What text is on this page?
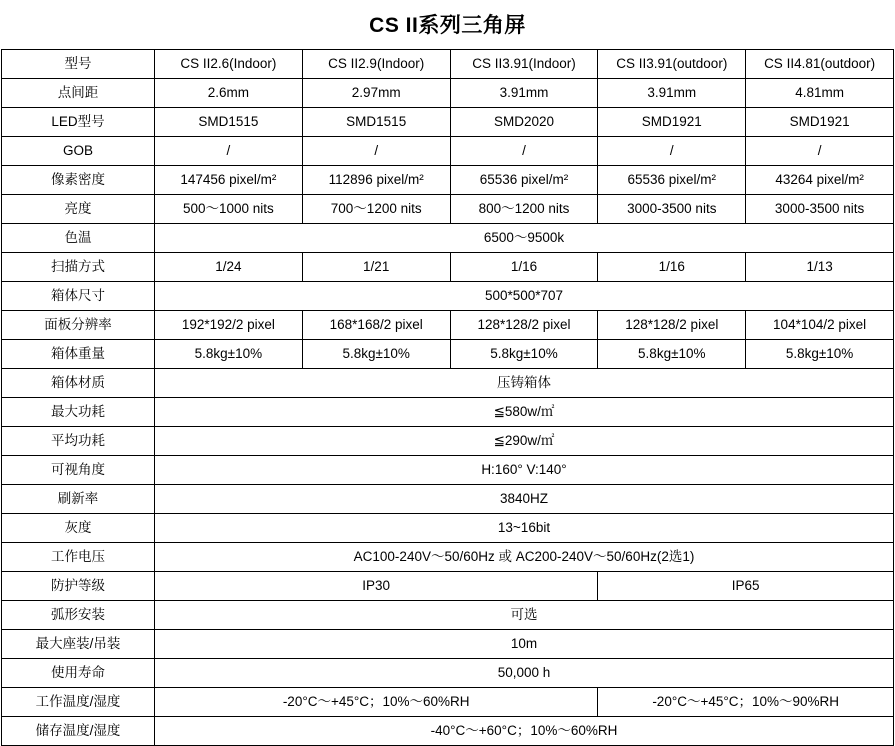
CS II系列三角屏
型号	CS II2.6(Indoor)	CS II2.9(Indoor)	CS II3.91(Indoor)	CS II3.91(outdoor)	CS II4.81(outdoor)
点间距	2.6mm	2.97mm	3.91mm	3.91mm	4.81mm
LED型号	SMD1515	SMD1515	SMD2020	SMD1921	SMD1921
GOB	/	/	/	/	/
像素密度	147456 pixel/m²	112896 pixel/m²	65536 pixel/m²	65536 pixel/m²	43264 pixel/m²
亮度	500〜1000 nits	700〜1200 nits	800〜1200 nits	3000-3500 nits	3000-3500 nits
色温	6500〜9500k				
扫描方式	1/24	1/21	1/16	1/16	1/13
箱体尺寸	500*500*707				
面板分辨率	192*192/2 pixel	168*168/2 pixel	128*128/2 pixel	128*128/2 pixel	104*104/2 pixel
箱体重量	5.8kg±10%	5.8kg±10%	5.8kg±10%	5.8kg±10%	5.8kg±10%
箱体材质	压铸箱体				
最大功耗	≦580w/㎡				
平均功耗	≦290w/㎡				
可视角度	H:160° V:140°				
刷新率	3840HZ				
灰度	13~16bit				
工作电压	AC100-240V〜50/60Hz 或 AC200-240V〜50/60Hz(2选1)				
防护等级	IP30			IP65	
弧形安装	可选				
最大座装/吊装	10m				
使用寿命	50,000 h				
工作温度/湿度	-20°C〜+45°C；10%〜60%RH			-20°C〜+45°C；10%〜90%RH	
储存温度/湿度	-40°C〜+60°C；10%〜60%RH				
